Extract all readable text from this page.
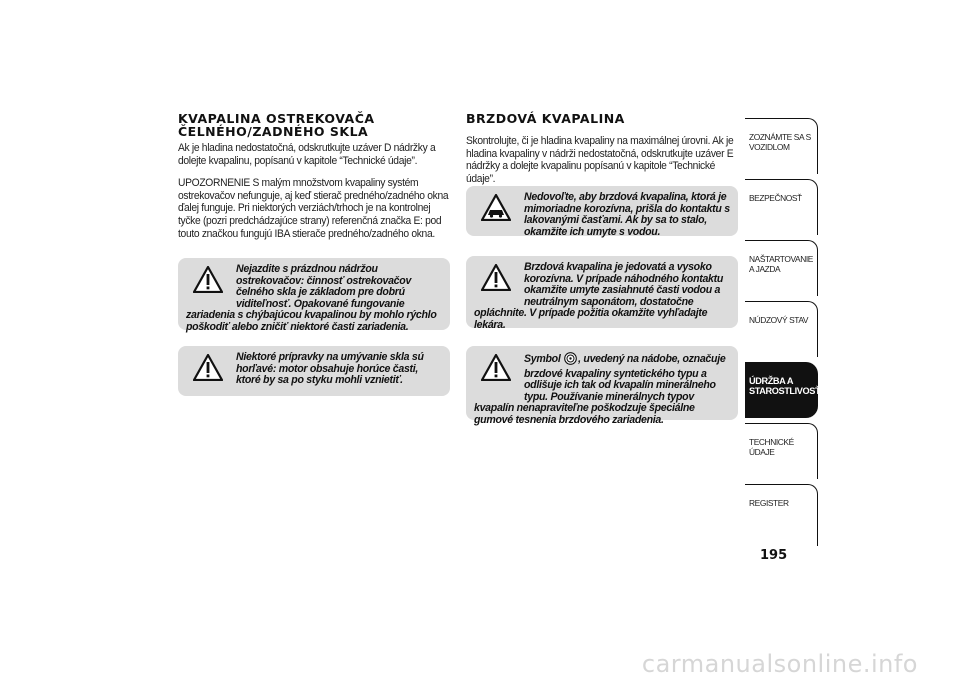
KVAPALINA OSTREKOVAČA ČELNÉHO/ZADNÉHO SKLA

Ak je hladina nedostatočná, odskrutkujte uzáver D nádržky a dolejte kvapalinu, popísanú v kapitole “Technické údaje”.

UPOZORNENIE S malým množstvom kvapaliny systém ostrekovačov nefunguje, aj keď stierač predného/zadného okna ďalej funguje. Pri niektorých verziách/trhoch je na kontrolnej tyčke (pozri predchádzajúce strany) referenčná značka E: pod touto značkou fungujú IBA stierače predného/zadného okna.

Nejazdite s prázdnou nádržou ostrekovačov: činnosť ostrekovačov čelného skla je základom pre dobrú viditeľnosť. Opakované fungovanie zariadenia s chýbajúcou kvapalinou by mohlo rýchlo poškodiť alebo zničiť niektoré časti zariadenia.
Niektoré prípravky na umývanie skla sú horľavé: motor obsahuje horúce časti, ktoré by sa po styku mohli vznietiť.
BRZDOVÁ KVAPALINA

Skontrolujte, či je hladina kvapaliny na maximálnej úrovni. Ak je hladina kvapaliny v nádrži nedostatočná, odskrutkujte uzáver E nádržky a dolejte kvapalinu popísanú v kapitole “Technické údaje”.

Nedovoľte, aby brzdová kvapalina, ktorá je mimoriadne korozívna, prišla do kontaktu s lakovanými časťami. Ak by sa to stalo, okamžite ich umyte s vodou.
Brzdová kvapalina je jedovatá a vysoko korozívna. V prípade náhodného kontaktu okamžite umyte zasiahnuté časti vodou a neutrálnym saponátom, dostatočne opláchnite. V prípade požitia okamžite vyhľadajte lekára.
Symbol , uvedený na nádobe, označuje brzdové kvapaliny syntetického typu a odlišuje ich tak od kvapalín minerálneho typu. Používanie minerálnych typov kvapalín nenapraviteľne poškodzuje špeciálne gumové tesnenia brzdového zariadenia.
ZOZNÁMTE SA S VOZIDLOM
BEZPEČNOSŤ
NAŠTARTOVANIE A JAZDA
NÚDZOVÝ STAV
ÚDRŽBA A STAROSTLIVOSŤ
TECHNICKÉ ÚDAJE
REGISTER
195
carmanualsonline.info
